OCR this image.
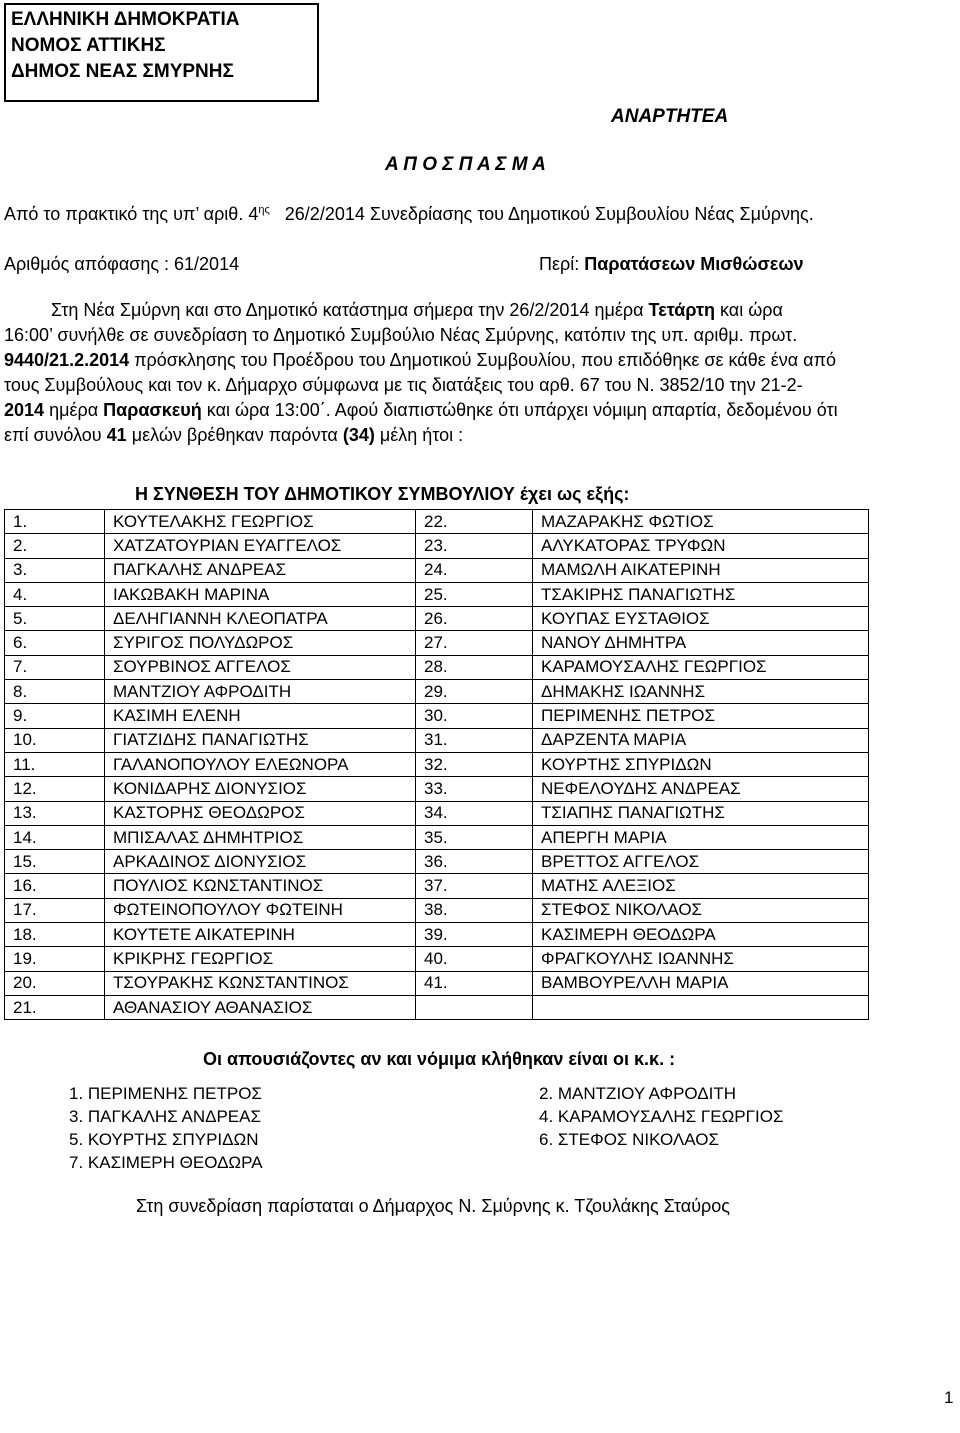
ΕΛΛΗΝΙΚΗ ΔΗΜΟΚΡΑΤΙΑ
ΝΟΜΟΣ ΑΤΤΙΚΗΣ
ΔΗΜΟΣ ΝΕΑΣ ΣΜΥΡΝΗΣ
ΑΝΑΡΤΗΤΕΑ
Α Π Ο Σ Π Α Σ Μ Α
Από το πρακτικό της υπ’ αριθ. $4^{\eta\varsigma}$ 26/2/2014 Συνεδρίασης του Δημοτικού Συμβουλίου Νέας Σμύρνης.
Αριθμός απόφασης : 61/2014	Περί: Παρατάσεων Μισθώσεων
Στη Νέα Σμύρνη και στο Δημοτικό κατάστημα σήμερα την 26/2/2014 ημέρα Τετάρτη και ώρα
16:00’ συνήλθε σε συνεδρίαση το Δημοτικό Συμβούλιο Νέας Σμύρνης, κατόπιν της υπ. αριθμ. πρωτ.
9440/21.2.2014 πρόσκλησης του Προέδρου του Δημοτικού Συμβουλίου, που επιδόθηκε σε κάθε ένα από
τους Συμβούλους και τον κ. Δήμαρχο σύμφωνα με τις διατάξεις του αρθ. 67 του Ν. 3852/10 την 21-2-
2014 ημέρα Παρασκευή και ώρα 13:00΄. Αφού διαπιστώθηκε ότι υπάρχει νόμιμη απαρτία, δεδομένου ότι
επί συνόλου 41 μελών βρέθηκαν παρόντα (34) μέλη ήτοι :
Η ΣΥΝΘΕΣΗ ΤΟΥ ΔΗΜΟΤΙΚΟΥ ΣΥΜΒΟΥΛΙΟΥ έχει ως εξής:
1.	ΚΟΥΤΕΛΑΚΗΣ ΓΕΩΡΓΙΟΣ	22.	ΜΑΖΑΡΑΚΗΣ ΦΩΤΙΟΣ
2.	ΧΑΤΖΑΤΟΥΡΙΑΝ ΕΥΑΓΓΕΛΟΣ	23.	ΑΛΥΚΑΤΟΡΑΣ ΤΡΥΦΩΝ
3.	ΠΑΓΚΑΛΗΣ ΑΝΔΡΕΑΣ	24.	ΜΑΜΩΛΗ ΑΙΚΑΤΕΡΙΝΗ
4.	ΙΑΚΩΒΑΚΗ ΜΑΡΙΝΑ	25.	ΤΣΑΚΙΡΗΣ ΠΑΝΑΓΙΩΤΗΣ
5.	ΔΕΛΗΓΙΑΝΝΗ ΚΛΕΟΠΑΤΡΑ	26.	ΚΟΥΠΑΣ ΕΥΣΤΑΘΙΟΣ
6.	ΣΥΡΙΓΟΣ ΠΟΛΥΔΩΡΟΣ	27.	ΝΑΝΟΥ ΔΗΜΗΤΡΑ
7.	ΣΟΥΡΒΙΝΟΣ ΑΓΓΕΛΟΣ	28.	ΚΑΡΑΜΟΥΣΑΛΗΣ ΓΕΩΡΓΙΟΣ
8.	ΜΑΝΤΖΙΟΥ ΑΦΡΟΔΙΤΗ	29.	ΔΗΜΑΚΗΣ ΙΩΑΝΝΗΣ
9.	ΚΑΣΙΜΗ ΕΛΕΝΗ	30.	ΠΕΡΙΜΕΝΗΣ ΠΕΤΡΟΣ
10.	ΓΙΑΤΖΙΔΗΣ ΠΑΝΑΓΙΩΤΗΣ	31.	ΔΑΡΖΕΝΤΑ ΜΑΡΙΑ
11.	ΓΑΛΑΝΟΠΟΥΛΟΥ ΕΛΕΩΝΟΡΑ	32.	ΚΟΥΡΤΗΣ ΣΠΥΡΙΔΩΝ
12.	ΚΟΝΙΔΑΡΗΣ ΔΙΟΝΥΣΙΟΣ	33.	ΝΕΦΕΛΟΥΔΗΣ ΑΝΔΡΕΑΣ
13.	ΚΑΣΤΟΡΗΣ ΘΕΟΔΩΡΟΣ	34.	ΤΣΙΑΠΗΣ ΠΑΝΑΓΙΩΤΗΣ
14.	ΜΠΙΣΑΛΑΣ ΔΗΜΗΤΡΙΟΣ	35.	ΑΠΕΡΓΗ ΜΑΡΙΑ
15.	ΑΡΚΑΔΙΝΟΣ ΔΙΟΝΥΣΙΟΣ	36.	ΒΡΕΤΤΟΣ ΑΓΓΕΛΟΣ
16.	ΠΟΥΛΙΟΣ ΚΩΝΣΤΑΝΤΙΝΟΣ	37.	ΜΑΤΗΣ ΑΛΕΞΙΟΣ
17.	ΦΩΤΕΙΝΟΠΟΥΛΟΥ ΦΩΤΕΙΝΗ	38.	ΣΤΕΦΟΣ ΝΙΚΟΛΑΟΣ
18.	ΚΟΥΤΕΤΕ ΑΙΚΑΤΕΡΙΝΗ	39.	ΚΑΣΙΜΕΡΗ ΘΕΟΔΩΡΑ
19.	ΚΡΙΚΡΗΣ ΓΕΩΡΓΙΟΣ	40.	ΦΡΑΓΚΟΥΛΗΣ ΙΩΑΝΝΗΣ
20.	ΤΣΟΥΡΑΚΗΣ ΚΩΝΣΤΑΝΤΙΝΟΣ	41.	ΒΑΜΒΟΥΡΕΛΛΗ ΜΑΡΙΑ
21.	ΑΘΑΝΑΣΙΟΥ ΑΘΑΝΑΣΙΟΣ		
Οι απουσιάζοντες αν και νόμιμα κλήθηκαν είναι οι κ.κ. :
1. ΠΕΡΙΜΕΝΗΣ ΠΕΤΡΟΣ
3. ΠΑΓΚΑΛΗΣ ΑΝΔΡΕΑΣ
5. ΚΟΥΡΤΗΣ ΣΠΥΡΙΔΩΝ
7. ΚΑΣΙΜΕΡΗ ΘΕΟΔΩΡΑ
2. ΜΑΝΤΖΙΟΥ ΑΦΡΟΔΙΤΗ
4. ΚΑΡΑΜΟΥΣΑΛΗΣ ΓΕΩΡΓΙΟΣ
6. ΣΤΕΦΟΣ ΝΙΚΟΛΑΟΣ
Στη συνεδρίαση παρίσταται ο Δήμαρχος Ν. Σμύρνης κ. Τζουλάκης Σταύρος
1
